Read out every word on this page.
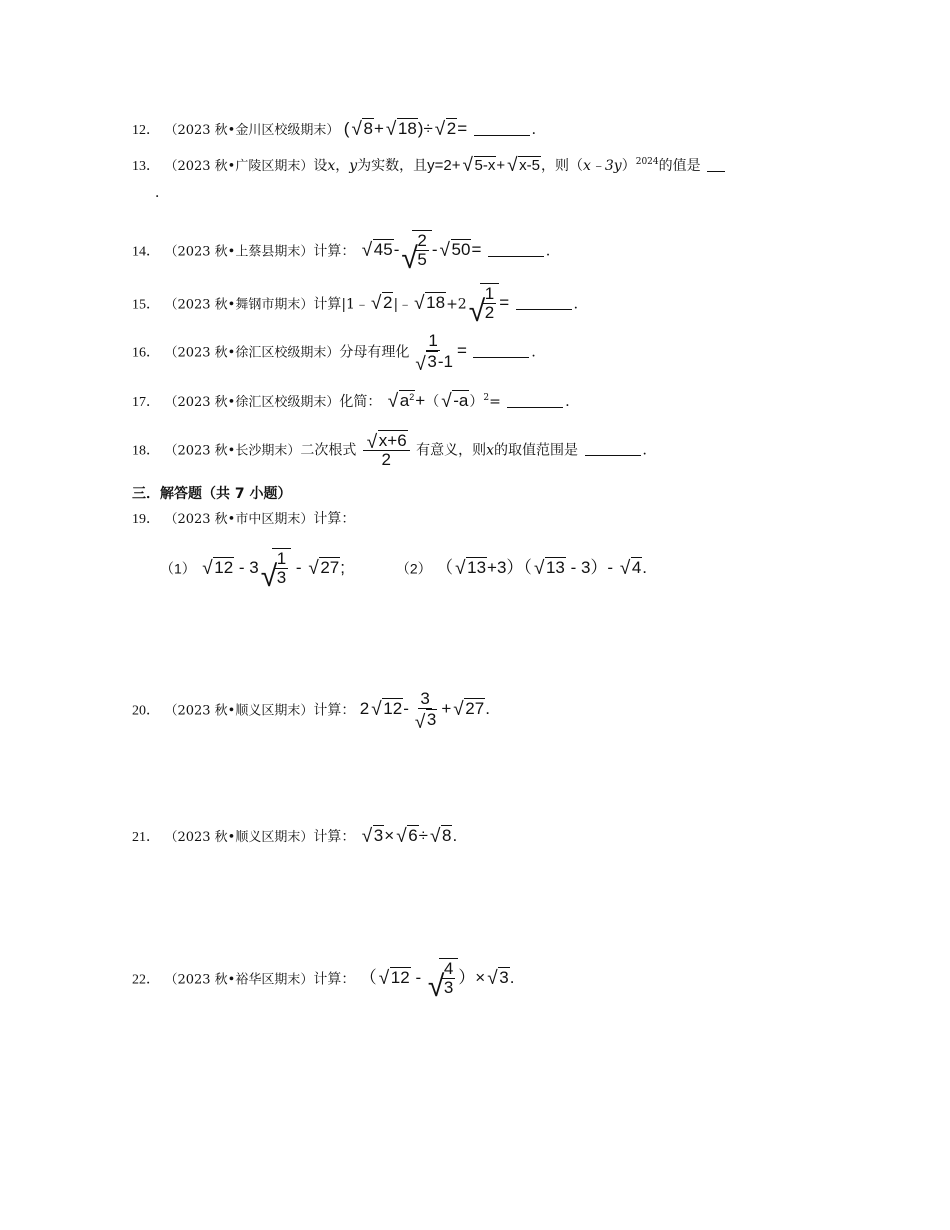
12． （2023 秋•金川区校级期末） ( √ 8+ √ 18)÷ √ 2=	．
13． （2023 秋•广陵区期末）设x，y为实数，且y=2+ √ 5-x+ √ x-5，则（x﹣3y）$^{2024}$的值是
．
14． （2023 秋•上蔡县期末）计算： √ 45- √
$\frac{2}{5}$ - √ 50=	．
15． （2023 秋•舞钢市期末）计算|1﹣ √ 2|﹣ √ 18+2 √
$\frac{1}{2}$ =	．
16． （2023 秋•徐汇区校级期末）分母有理化 $\frac{1}{√ 3-1}$ =	．
17． （2023 秋•徐汇区校级期末）化简： √ $a^2+$（ √ -a）$^2$=	．
18． （2023 秋•长沙期末）二次根式 $\frac{√ x+6}{2}$ 有意义，则x的取值范围是	．
三．解答题（共 7 小题）
19． （2023 秋•市中区期末）计算：
（1） √ 12 - 3 √
$\frac{1}{3}$ - √ 27;	（2） （ √ 13+3）（ √ 13 - 3）- √ 4.
20． （2023 秋•顺义区期末）计算： 2 √ $12- \frac{3}{√ 3}$ + √ 27.
21． （2023 秋•顺义区期末）计算： √ 3× √ 6÷ √ 8.
22． （2023 秋•裕华区期末）计算： （ √ 12 - √
$\frac{4}{3}$ ）× √ 3.
